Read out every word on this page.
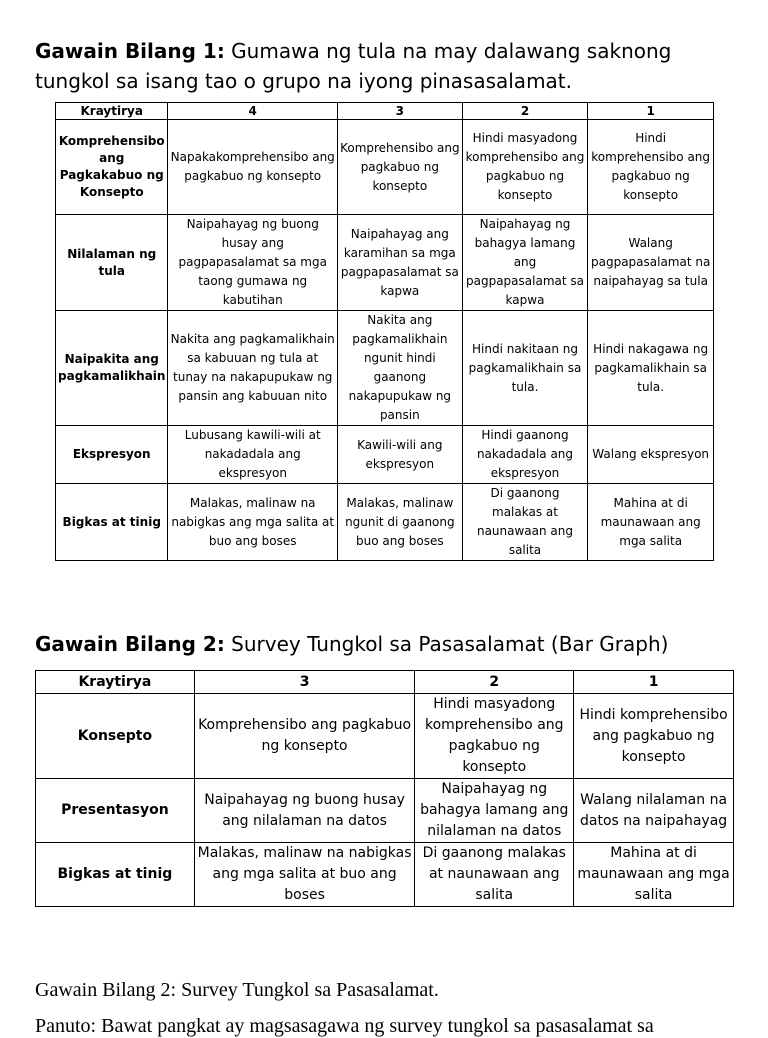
Gawain Bilang 1: Gumawa ng tula na may dalawang saknong tungkol sa isang tao o grupo na iyong pinasasalamat.

Kraytirya	4	3	2	1
Komprehensibo ang Pagkakabuo ng Konsepto	Napakakomprehensibo ang pagkabuo ng konsepto	Komprehensibo ang pagkabuo ng konsepto	Hindi masyadong komprehensibo ang pagkabuo ng konsepto	Hindi komprehensibo ang pagkabuo ng konsepto
Nilalaman ng tula	Naipahayag ng buong husay ang pagpapasalamat sa mga taong gumawa ng kabutihan	Naipahayag ang karamihan sa mga pagpapasalamat sa kapwa	Naipahayag ng bahagya lamang ang pagpapasalamat sa kapwa	Walang pagpapasalamat na naipahayag sa tula
Naipakita ang pagkamalikhain	Nakita ang pagkamalikhain sa kabuuan ng tula at tunay na nakapupukaw ng pansin ang kabuuan nito	Nakita ang pagkamalikhain ngunit hindi gaanong nakapupukaw ng pansin	Hindi nakitaan ng pagkamalikhain sa tula.	Hindi nakagawa ng pagkamalikhain sa tula.
Ekspresyon	Lubusang kawili-wili at nakadadala ang ekspresyon	Kawili-wili ang ekspresyon	Hindi gaanong nakadadala ang ekspresyon	Walang ekspresyon
Bigkas at tinig	Malakas, malinaw na nabigkas ang mga salita at buo ang boses	Malakas, malinaw ngunit di gaanong buo ang boses	Di gaanong malakas at naunawaan ang salita	Mahina at di maunawaan ang mga salita

Gawain Bilang 2: Survey Tungkol sa Pasasalamat (Bar Graph)

Kraytirya	3	2	1
Konsepto	Komprehensibo ang pagkabuo ng konsepto	Hindi masyadong komprehensibo ang pagkabuo ng konsepto	Hindi komprehensibo ang pagkabuo ng konsepto
Presentasyon	Naipahayag ng buong husay ang nilalaman na datos	Naipahayag ng bahagya lamang ang nilalaman na datos	Walang nilalaman na datos na naipahayag
Bigkas at tinig	Malakas, malinaw na nabigkas ang mga salita at buo ang boses	Di gaanong malakas at naunawaan ang salita	Mahina at di maunawaan ang mga salita

Gawain Bilang 2: Survey Tungkol sa Pasasalamat.

Panuto: Bawat pangkat ay magsasagawa ng survey tungkol sa pasasalamat sa
